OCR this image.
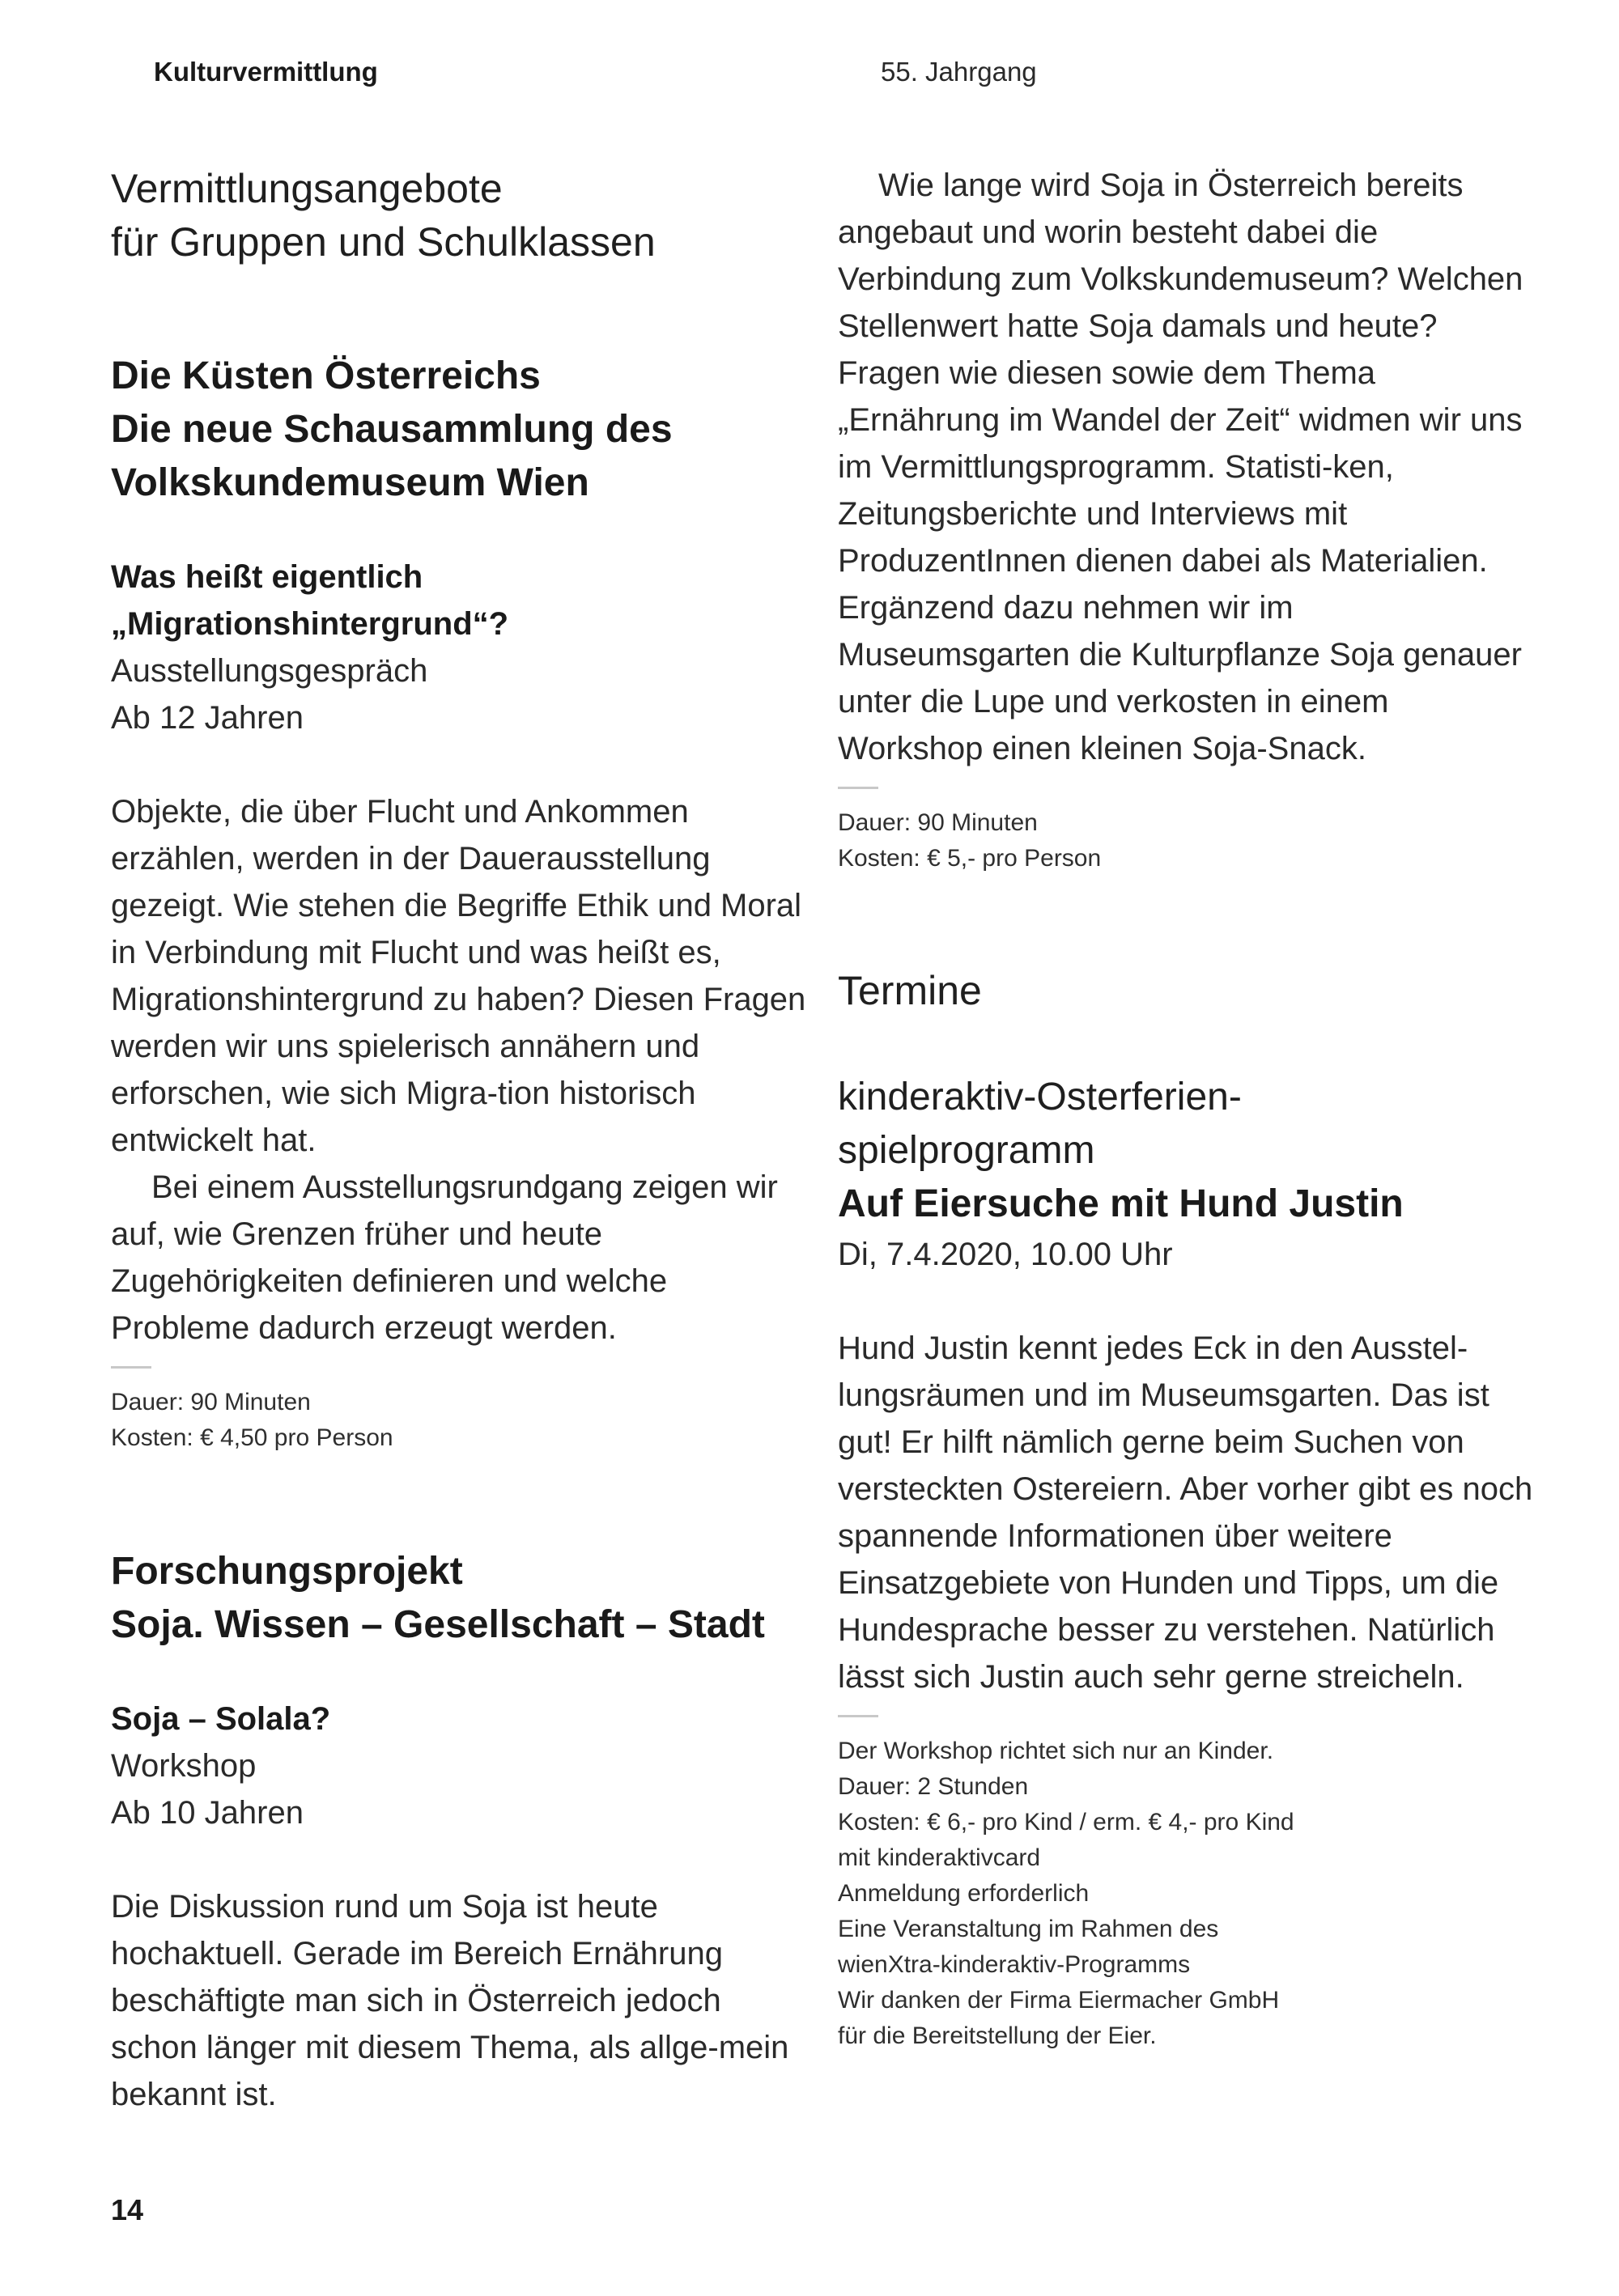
Kulturvermittlung	55. Jahrgang

Vermittlungsangebote

für Gruppen und Schulklassen

Die Küsten Österreichs

Die neue Schausammlung des

Volkskundemuseum Wien

Was heißt eigentlich

„Migrationshintergrund“?

Ausstellungsgespräch

Ab 12 Jahren

Objekte, die über Flucht und Ankommen erzählen, werden in der Dauerausstellung gezeigt. Wie stehen die Begriffe Ethik und Moral in Verbindung mit Flucht und was heißt es, Migrationshintergrund zu haben? Diesen Fragen werden wir uns spielerisch annähern und erforschen, wie sich Migra-tion historisch entwickelt hat.

Bei einem Ausstellungsrundgang zeigen wir auf, wie Grenzen früher und heute Zugehörigkeiten definieren und welche Probleme dadurch erzeugt werden.

Dauer: 90 Minuten

Kosten: € 4,50 pro Person

Forschungsprojekt

Soja. Wissen – Gesellschaft – Stadt

Soja – Solala?

Workshop

Ab 10 Jahren

Die Diskussion rund um Soja ist heute hochaktuell. Gerade im Bereich Ernährung beschäftigte man sich in Österreich jedoch schon länger mit diesem Thema, als allge-mein bekannt ist.

Wie lange wird Soja in Österreich bereits angebaut und worin besteht dabei die Verbindung zum Volkskundemuseum? Welchen Stellenwert hatte Soja damals und heute? Fragen wie diesen sowie dem Thema „Ernährung im Wandel der Zeit“ widmen wir uns im Vermittlungsprogramm. Statisti-ken, Zeitungsberichte und Interviews mit ProduzentInnen dienen dabei als Materialien. Ergänzend dazu nehmen wir im Museumsgarten die Kulturpflanze Soja genauer unter die Lupe und verkosten in einem Workshop einen kleinen Soja-Snack.

Dauer: 90 Minuten

Kosten: € 5,- pro Person

Termine

kinderaktiv-Osterferien-

spielprogramm

Auf Eiersuche mit Hund Justin

Di, 7.4.2020, 10.00 Uhr

Hund Justin kennt jedes Eck in den Ausstel-lungsräumen und im Museumsgarten. Das ist gut! Er hilft nämlich gerne beim Suchen von versteckten Ostereiern. Aber vorher gibt es noch spannende Informationen über weitere Einsatzgebiete von Hunden und Tipps, um die Hundesprache besser zu verstehen. Natürlich lässt sich Justin auch sehr gerne streicheln.

Der Workshop richtet sich nur an Kinder.

Dauer: 2 Stunden

Kosten: € 6,- pro Kind / erm. € 4,- pro Kind

mit kinderaktivcard

Anmeldung erforderlich

Eine Veranstaltung im Rahmen des

wienXtra-kinderaktiv-Programms

Wir danken der Firma Eiermacher GmbH

für die Bereitstellung der Eier.

14
